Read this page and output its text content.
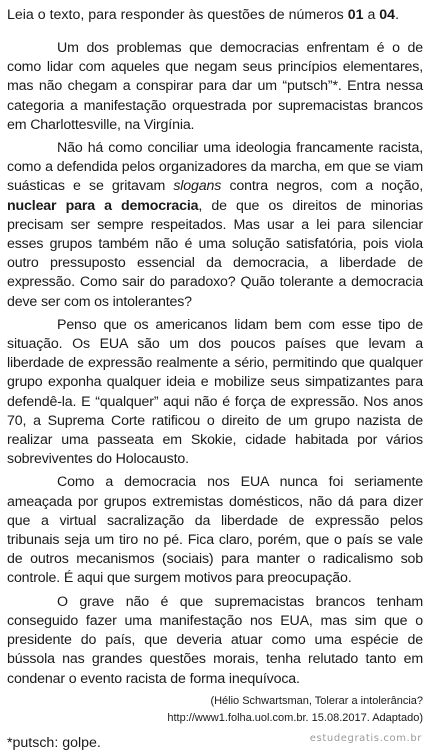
Leia o texto, para responder às questões de números 01 a 04.

Um dos problemas que democracias enfrentam é o de como lidar com aqueles que negam seus princípios elementares, mas não chegam a conspirar para dar um “putsch”*. Entra nessa categoria a manifestação orquestrada por supremacistas brancos em Charlottesville, na Virgínia.

Não há como conciliar uma ideologia francamente racista, como a defendida pelos organizadores da marcha, em que se viam suásticas e se gritavam slogans contra negros, com a noção, nuclear para a democracia, de que os direitos de minorias precisam ser sempre respeitados. Mas usar a lei para silenciar esses grupos também não é uma solução satisfatória, pois viola outro pressuposto essencial da democracia, a liberdade de expressão. Como sair do paradoxo? Quão tolerante a democracia deve ser com os intolerantes?

Penso que os americanos lidam bem com esse tipo de situação. Os EUA são um dos poucos países que levam a liberdade de expressão realmente a sério, permitindo que qualquer grupo exponha qualquer ideia e mobilize seus simpatizantes para defendê-la. E “qualquer” aqui não é força de expressão. Nos anos 70, a Suprema Corte ratificou o direito de um grupo nazista de realizar uma passeata em Skokie, cidade habitada por vários sobreviventes do Holocausto.

Como a democracia nos EUA nunca foi seriamente ameaçada por grupos extremistas domésticos, não dá para dizer que a virtual sacralização da liberdade de expressão pelos tribunais seja um tiro no pé. Fica claro, porém, que o país se vale de outros mecanismos (sociais) para manter o radicalismo sob controle. É aqui que surgem motivos para preocupação.

O grave não é que supremacistas brancos tenham conseguido fazer uma manifestação nos EUA, mas sim que o presidente do país, que deveria atuar como uma espécie de bússola nas grandes questões morais, tenha relutado tanto em condenar o evento racista de forma inequívoca.

(Hélio Schwartsman, Tolerar a intolerância?
http://www1.folha.uol.com.br. 15.08.2017. Adaptado)
*putsch: golpe.	estudegratis.com.br
